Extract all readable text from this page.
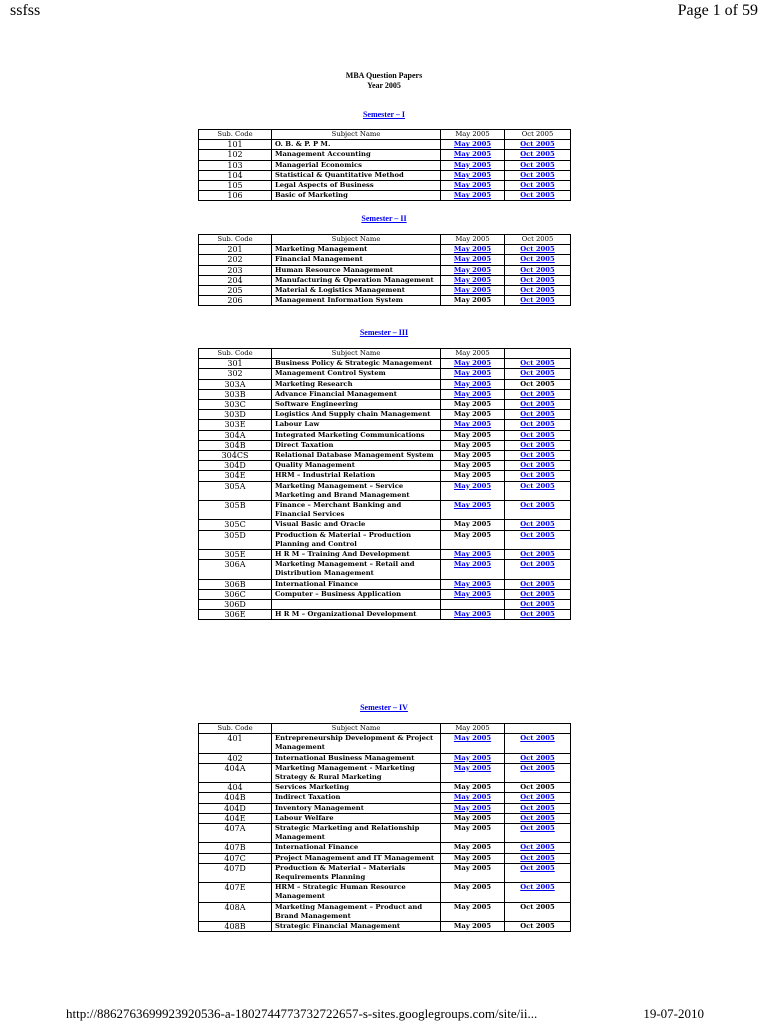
ssfss	Page 1 of 59
MBA Question Papers
Year 2005
Semester – I
Sub. Code	Subject Name	May 2005	Oct 2005
101	O. B. & P. P M.	May 2005	Oct 2005
102	Management Accounting	May 2005	Oct 2005
103	Managerial Economics	May 2005	Oct 2005
104	Statistical & Quantitative Method	May 2005	Oct 2005
105	Legal Aspects of Business	May 2005	Oct 2005
106	Basic of Marketing	May 2005	Oct 2005
Semester – II
Sub. Code	Subject Name	May 2005	Oct 2005
201	Marketing Management	May 2005	Oct 2005
202	Financial Management	May 2005	Oct 2005
203	Human Resource Management	May 2005	Oct 2005
204	Manufacturing & Operation Management	May 2005	Oct 2005
205	Material & Logistics Management	May 2005	Oct 2005
206	Management Information System	May 2005	Oct 2005
Semester – III
Sub. Code	Subject Name	May 2005	
301	Business Policy & Strategic Management	May 2005	Oct 2005
302	Management Control System	May 2005	Oct 2005
303A	Marketing Research	May 2005	Oct 2005
303B	Advance Financial Management	May 2005	Oct 2005
303C	Software Engineering	May 2005	Oct 2005
303D	Logistics And Supply chain Management	May 2005	Oct 2005
303E	Labour Law	May 2005	Oct 2005
304A	Integrated Marketing Communications	May 2005	Oct 2005
304B	Direct Taxation	May 2005	Oct 2005
304CS	Relational Database Management System	May 2005	Oct 2005
304D	Quality Management	May 2005	Oct 2005
304E	HRM – Industrial Relation	May 2005	Oct 2005
305A	Marketing Management – Service Marketing and Brand Management	May 2005	Oct 2005
305B	Finance – Merchant Banking and Financial Services	May 2005	Oct 2005
305C	Visual Basic and Oracle	May 2005	Oct 2005
305D	Production & Material – Production Planning and Control	May 2005	Oct 2005
305E	H R M – Training And Development	May 2005	Oct 2005
306A	Marketing Management – Retail and Distribution Management	May 2005	Oct 2005
306B	International Finance	May 2005	Oct 2005
306C	Computer – Business Application	May 2005	Oct 2005
306D			Oct 2005
306E	H R M – Organizational Development	May 2005	Oct 2005
Semester – IV
Sub. Code	Subject Name	May 2005	
401	Entrepreneurship Development & Project Management	May 2005	Oct 2005
402	International Business Management	May 2005	Oct 2005
404A	Marketing Management - Marketing Strategy & Rural Marketing	May 2005	Oct 2005
404	Services Marketing	May 2005	Oct 2005
404B	Indirect Taxation	May 2005	Oct 2005
404D	Inventory Management	May 2005	Oct 2005
404E	Labour Welfare	May 2005	Oct 2005
407A	Strategic Marketing and Relationship Management	May 2005	Oct 2005
407B	International Finance	May 2005	Oct 2005
407C	Project Management and IT Management	May 2005	Oct 2005
407D	Production & Material – Materials Requirements Planning	May 2005	Oct 2005
407E	HRM – Strategic Human Resource Management	May 2005	Oct 2005
408A	Marketing Management – Product and Brand Management	May 2005	Oct 2005
408B	Strategic Financial Management	May 2005	Oct 2005
http://8862763699923920536-a-1802744773732722657-s-sites.googlegroups.com/site/ii...	19-07-2010
